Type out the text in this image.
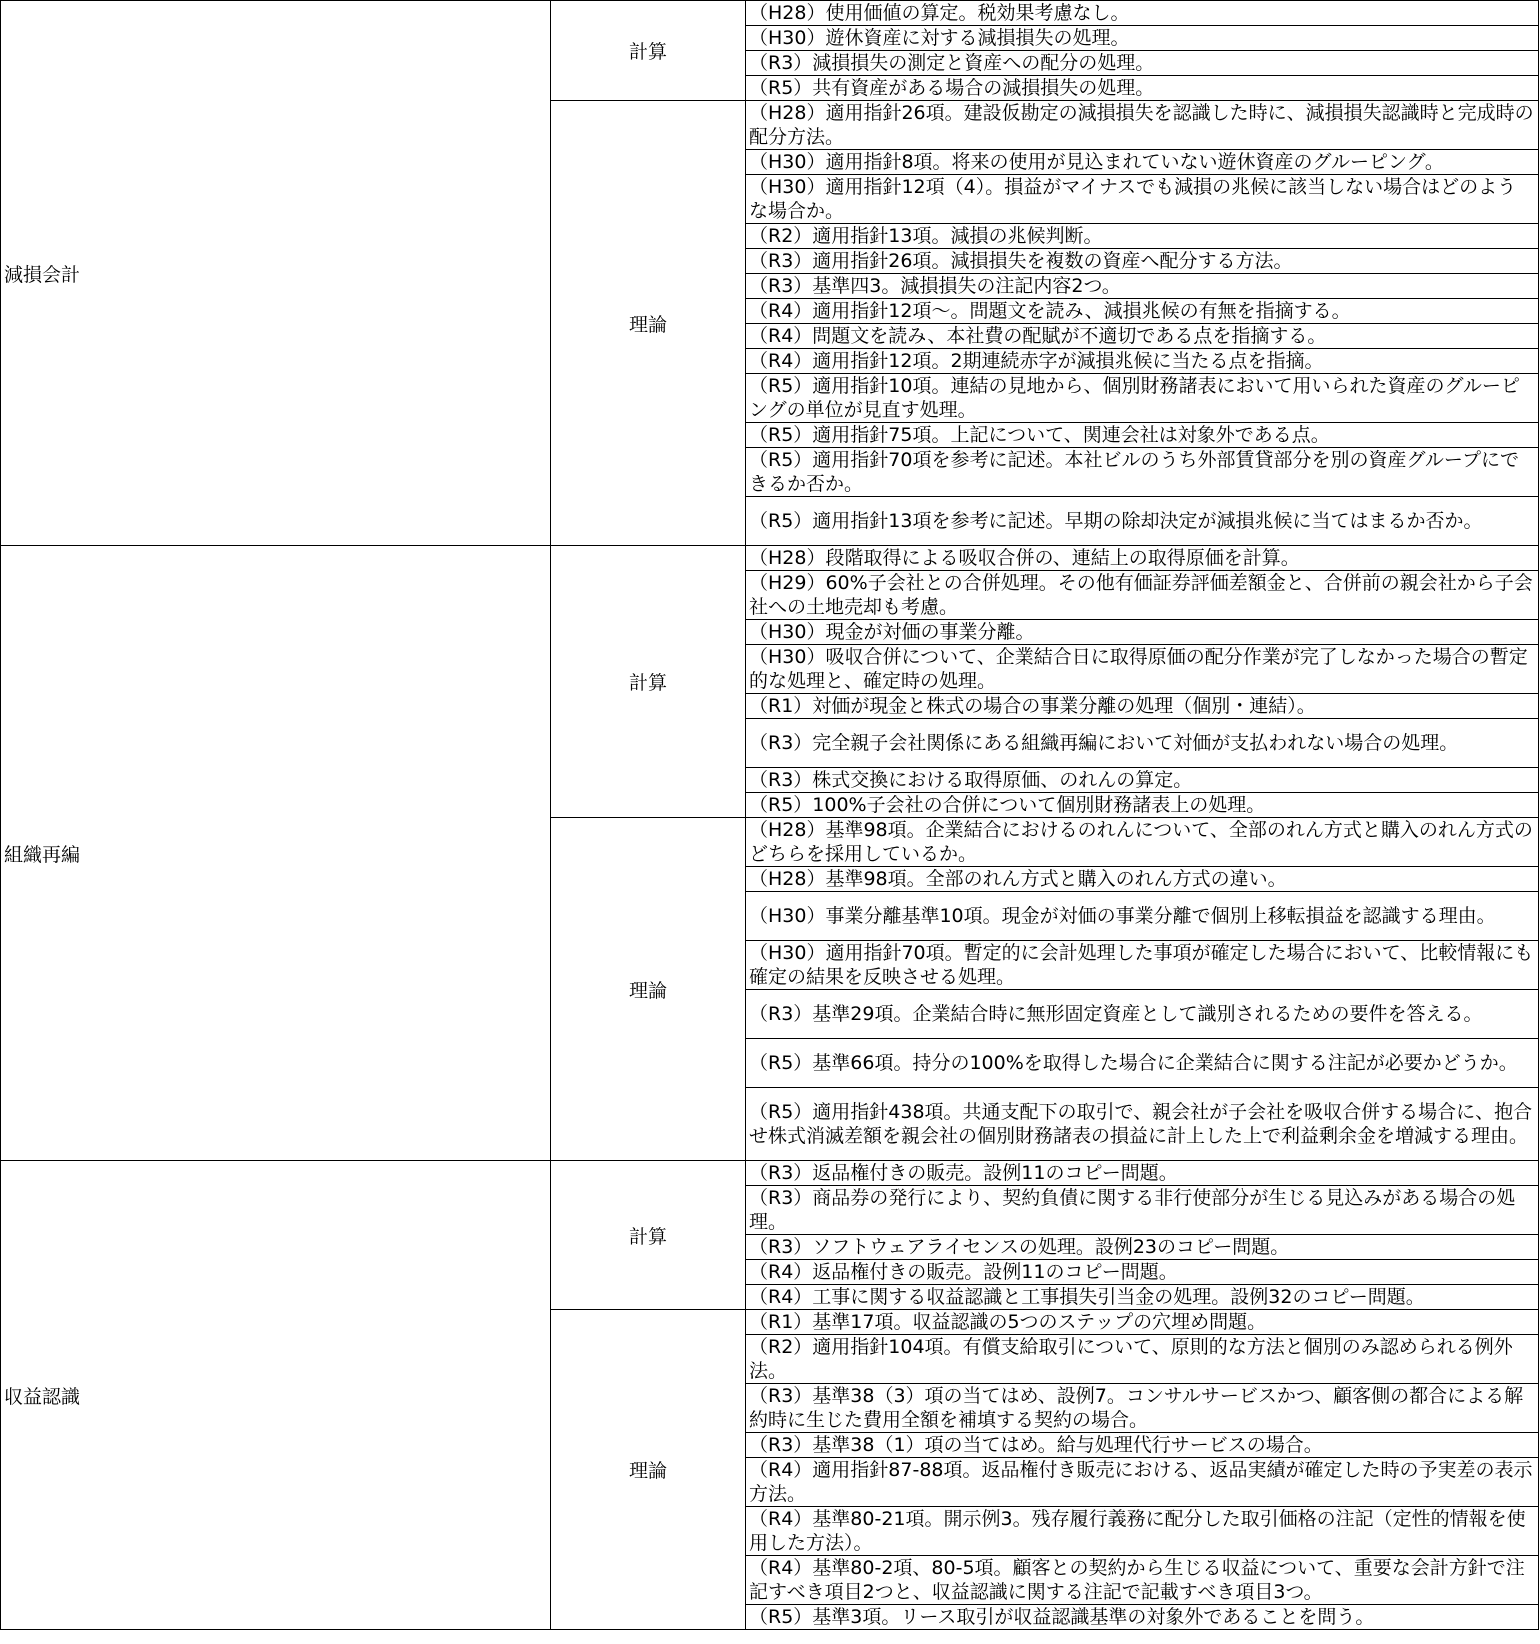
減損会計	計算	（H28）使用価値の算定。税効果考慮なし。
		（H30）遊休資産に対する減損損失の処理。
		（R3）減損損失の測定と資産への配分の処理。
		（R5）共有資産がある場合の減損損失の処理。
	理論	（H28）適用指針26項。建設仮勘定の減損損失を認識した時に、減損損失認識時と完成時の配分方法。
		（H30）適用指針8項。将来の使用が見込まれていない遊休資産のグルーピング。
		（H30）適用指針12項（4）。損益がマイナスでも減損の兆候に該当しない場合はどのような場合か。
		（R2）適用指針13項。減損の兆候判断。
		（R3）適用指針26項。減損損失を複数の資産へ配分する方法。
		（R3）基準四3。減損損失の注記内容2つ。
		（R4）適用指針12項～。問題文を読み、減損兆候の有無を指摘する。
		（R4）問題文を読み、本社費の配賦が不適切である点を指摘する。
		（R4）適用指針12項。2期連続赤字が減損兆候に当たる点を指摘。
		（R5）適用指針10項。連結の見地から、個別財務諸表において用いられた資産のグルーピングの単位が見直す処理。
		（R5）適用指針75項。上記について、関連会社は対象外である点。
		（R5）適用指針70項を参考に記述。本社ビルのうち外部賃貸部分を別の資産グループにできるか否か。
		（R5）適用指針13項を参考に記述。早期の除却決定が減損兆候に当てはまるか否か。
組織再編	計算	（H28）段階取得による吸収合併の、連結上の取得原価を計算。
		（H29）60%子会社との合併処理。その他有価証券評価差額金と、合併前の親会社から子会社への土地売却も考慮。
		（H30）現金が対価の事業分離。
		（H30）吸収合併について、企業結合日に取得原価の配分作業が完了しなかった場合の暫定的な処理と、確定時の処理。
		（R1）対価が現金と株式の場合の事業分離の処理（個別・連結）。
		（R3）完全親子会社関係にある組織再編において対価が支払われない場合の処理。
		（R3）株式交換における取得原価、のれんの算定。
		（R5）100%子会社の合併について個別財務諸表上の処理。
	理論	（H28）基準98項。企業結合におけるのれんについて、全部のれん方式と購入のれん方式のどちらを採用しているか。
		（H28）基準98項。全部のれん方式と購入のれん方式の違い。
		（H30）事業分離基準10項。現金が対価の事業分離で個別上移転損益を認識する理由。
		（H30）適用指針70項。暫定的に会計処理した事項が確定した場合において、比較情報にも確定の結果を反映させる処理。
		（R3）基準29項。企業結合時に無形固定資産として識別されるための要件を答える。
		（R5）基準66項。持分の100%を取得した場合に企業結合に関する注記が必要かどうか。
		（R5）適用指針438項。共通支配下の取引で、親会社が子会社を吸収合併する場合に、抱合せ株式消滅差額を親会社の個別財務諸表の損益に計上した上で利益剰余金を増減する理由。
収益認識	計算	（R3）返品権付きの販売。設例11のコピー問題。
		（R3）商品券の発行により、契約負債に関する非行使部分が生じる見込みがある場合の処理。
		（R3）ソフトウェアライセンスの処理。設例23のコピー問題。
		（R4）返品権付きの販売。設例11のコピー問題。
		（R4）工事に関する収益認識と工事損失引当金の処理。設例32のコピー問題。
	理論	（R1）基準17項。収益認識の5つのステップの穴埋め問題。
		（R2）適用指針104項。有償支給取引について、原則的な方法と個別のみ認められる例外法。
		（R3）基準38（3）項の当てはめ、設例7。コンサルサービスかつ、顧客側の都合による解約時に生じた費用全額を補填する契約の場合。
		（R3）基準38（1）項の当てはめ。給与処理代行サービスの場合。
		（R4）適用指針87-88項。返品権付き販売における、返品実績が確定した時の予実差の表示方法。
		（R4）基準80-21項。開示例3。残存履行義務に配分した取引価格の注記（定性的情報を使用した方法）。
		（R4）基準80-2項、80-5項。顧客との契約から生じる収益について、重要な会計方針で注記すべき項目2つと、収益認識に関する注記で記載すべき項目3つ。
		（R5）基準3項。リース取引が収益認識基準の対象外であることを問う。
